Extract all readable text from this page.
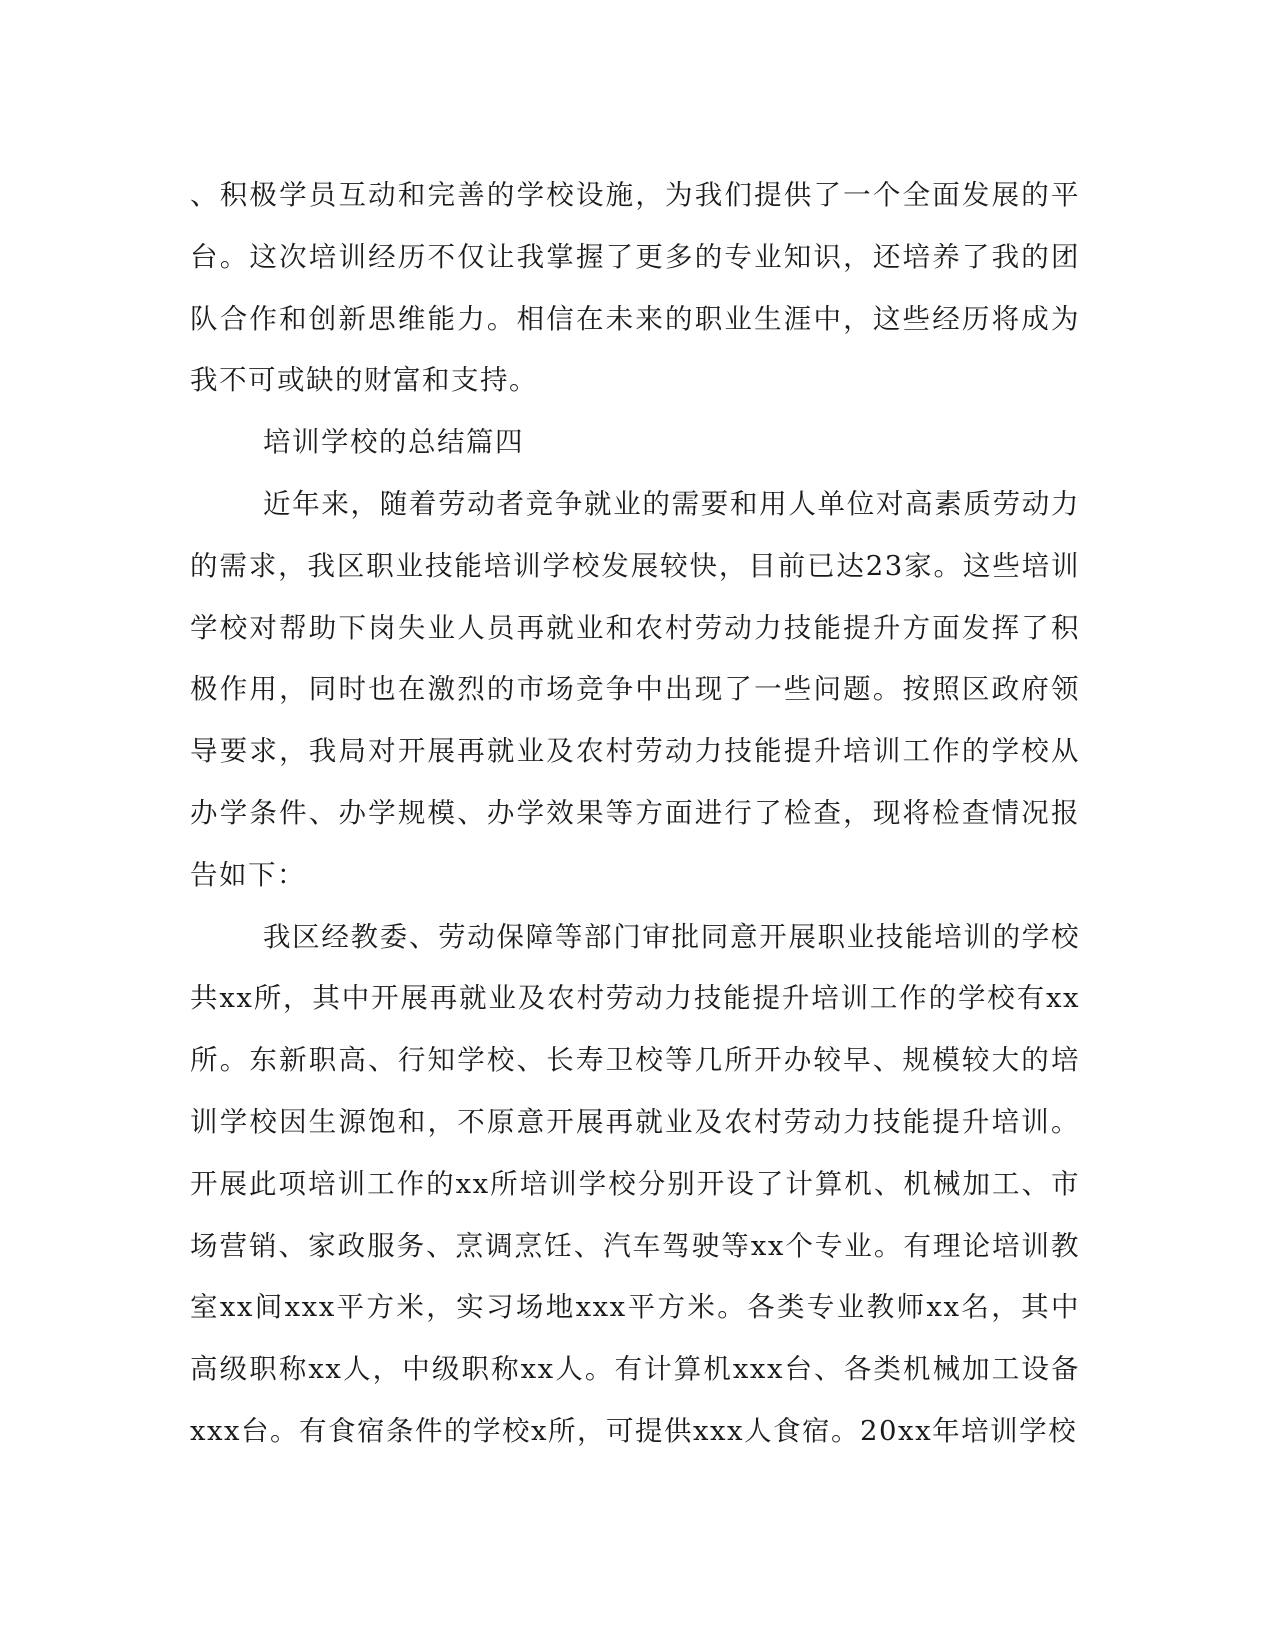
、积极学员互动和完善的学校设施，为我们提供了一个全面发展的平台。这次培训经历不仅让我掌握了更多的专业知识，还培养了我的团队合作和创新思维能力。相信在未来的职业生涯中，这些经历将成为我不可或缺的财富和支持。

培训学校的总结篇四

近年来，随着劳动者竞争就业的需要和用人单位对高素质劳动力的需求，我区职业技能培训学校发展较快，目前已达23家。这些培训学校对帮助下岗失业人员再就业和农村劳动力技能提升方面发挥了积极作用，同时也在激烈的市场竞争中出现了一些问题。按照区政府领导要求，我局对开展再就业及农村劳动力技能提升培训工作的学校从办学条件、办学规模、办学效果等方面进行了检查，现将检查情况报告如下：

我区经教委、劳动保障等部门审批同意开展职业技能培训的学校共xx所，其中开展再就业及农村劳动力技能提升培训工作的学校有xx所。东新职高、行知学校、长寿卫校等几所开办较早、规模较大的培训学校因生源饱和，不原意开展再就业及农村劳动力技能提升培训。开展此项培训工作的xx所培训学校分别开设了计算机、机械加工、市场营销、家政服务、烹调烹饪、汽车驾驶等xx个专业。有理论培训教室xx间xxx平方米，实习场地xxx平方米。各类专业教师xx名，其中高级职称xx人，中级职称xx人。有计算机xxx台、各类机械加工设备xxx台。有食宿条件的学校x所，可提供xxx人食宿。20xx年培训学校
